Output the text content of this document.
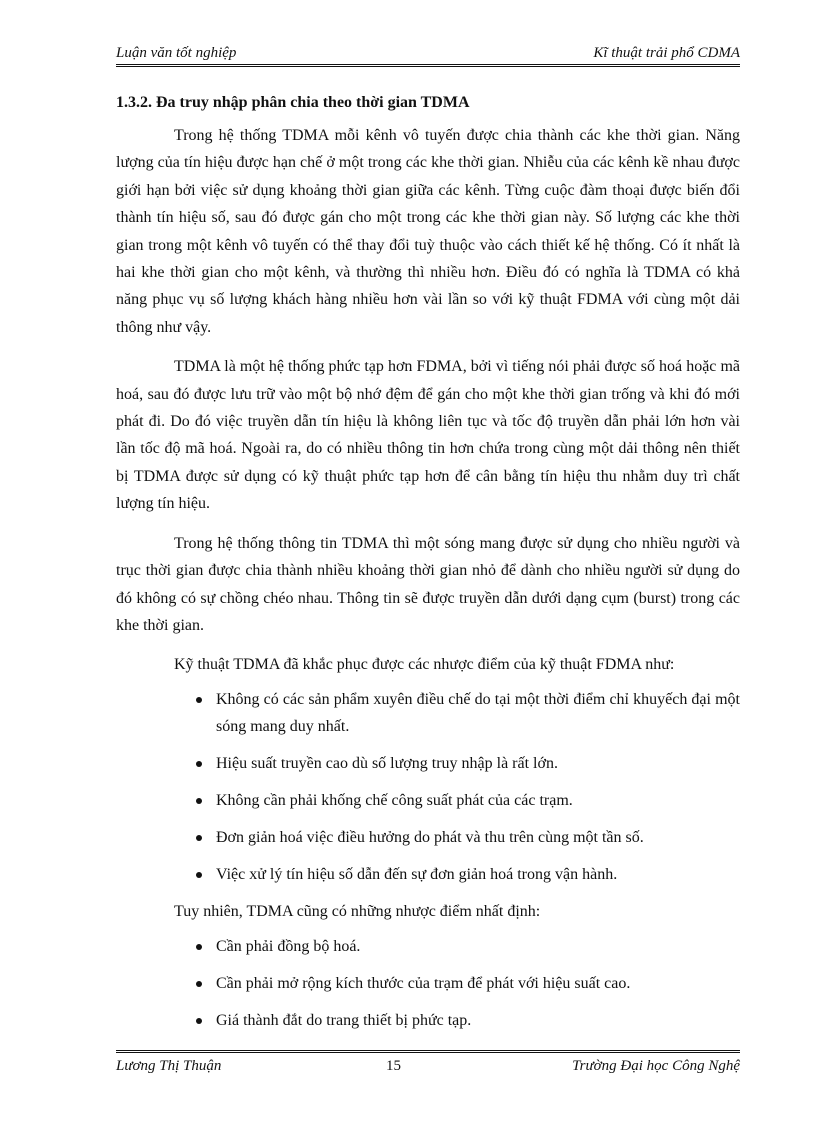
Luận văn tốt nghiệp	Kĩ thuật trải phổ CDMA
1.3.2. Đa truy nhập phân chia theo thời gian TDMA

Trong hệ thống TDMA mỗi kênh vô tuyến được chia thành các khe thời gian. Năng lượng của tín hiệu được hạn chế ở một trong các khe thời gian. Nhiễu của các kênh kề nhau được giới hạn bởi việc sử dụng khoảng thời gian giữa các kênh. Từng cuộc đàm thoại được biến đổi thành tín hiệu số, sau đó được gán cho một trong các khe thời gian này. Số lượng các khe thời gian trong một kênh vô tuyến có thể thay đổi tuỳ thuộc vào cách thiết kế hệ thống. Có ít nhất là hai khe thời gian cho một kênh, và thường thì nhiều hơn. Điều đó có nghĩa là TDMA có khả năng phục vụ số lượng khách hàng nhiều hơn vài lần so với kỹ thuật FDMA với cùng một dải thông như vậy.

TDMA là một hệ thống phức tạp hơn FDMA, bởi vì tiếng nói phải được số hoá hoặc mã hoá, sau đó được lưu trữ vào một bộ nhớ đệm để gán cho một khe thời gian trống và khi đó mới phát đi. Do đó việc truyền dẫn tín hiệu là không liên tục và tốc độ truyền dẫn phải lớn hơn vài lần tốc độ mã hoá. Ngoài ra, do có nhiều thông tin hơn chứa trong cùng một dải thông nên thiết bị TDMA được sử dụng có kỹ thuật phức tạp hơn để cân bằng tín hiệu thu nhằm duy trì chất lượng tín hiệu.

Trong hệ thống thông tin TDMA thì một sóng mang được sử dụng cho nhiều người và trục thời gian được chia thành nhiều khoảng thời gian nhỏ để dành cho nhiều người sử dụng do đó không có sự chồng chéo nhau. Thông tin sẽ được truyền dẫn dưới dạng cụm (burst) trong các khe thời gian.

Kỹ thuật TDMA đã khắc phục được các nhược điểm của kỹ thuật FDMA như:

Không có các sản phẩm xuyên điều chế do tại một thời điểm chỉ khuyếch đại một sóng mang duy nhất.
Hiệu suất truyền cao dù số lượng truy nhập là rất lớn.
Không cần phải khống chế công suất phát của các trạm.
Đơn giản hoá việc điều hưởng do phát và thu trên cùng một tần số.
Việc xử lý tín hiệu số dẫn đến sự đơn giản hoá trong vận hành.

Tuy nhiên, TDMA cũng có những nhược điểm nhất định:

Cần phải đồng bộ hoá.
Cần phải mở rộng kích thước của trạm để phát với hiệu suất cao.
Giá thành đắt do trang thiết bị phức tạp.
Lương Thị Thuận	15	Trường Đại học Công Nghệ
